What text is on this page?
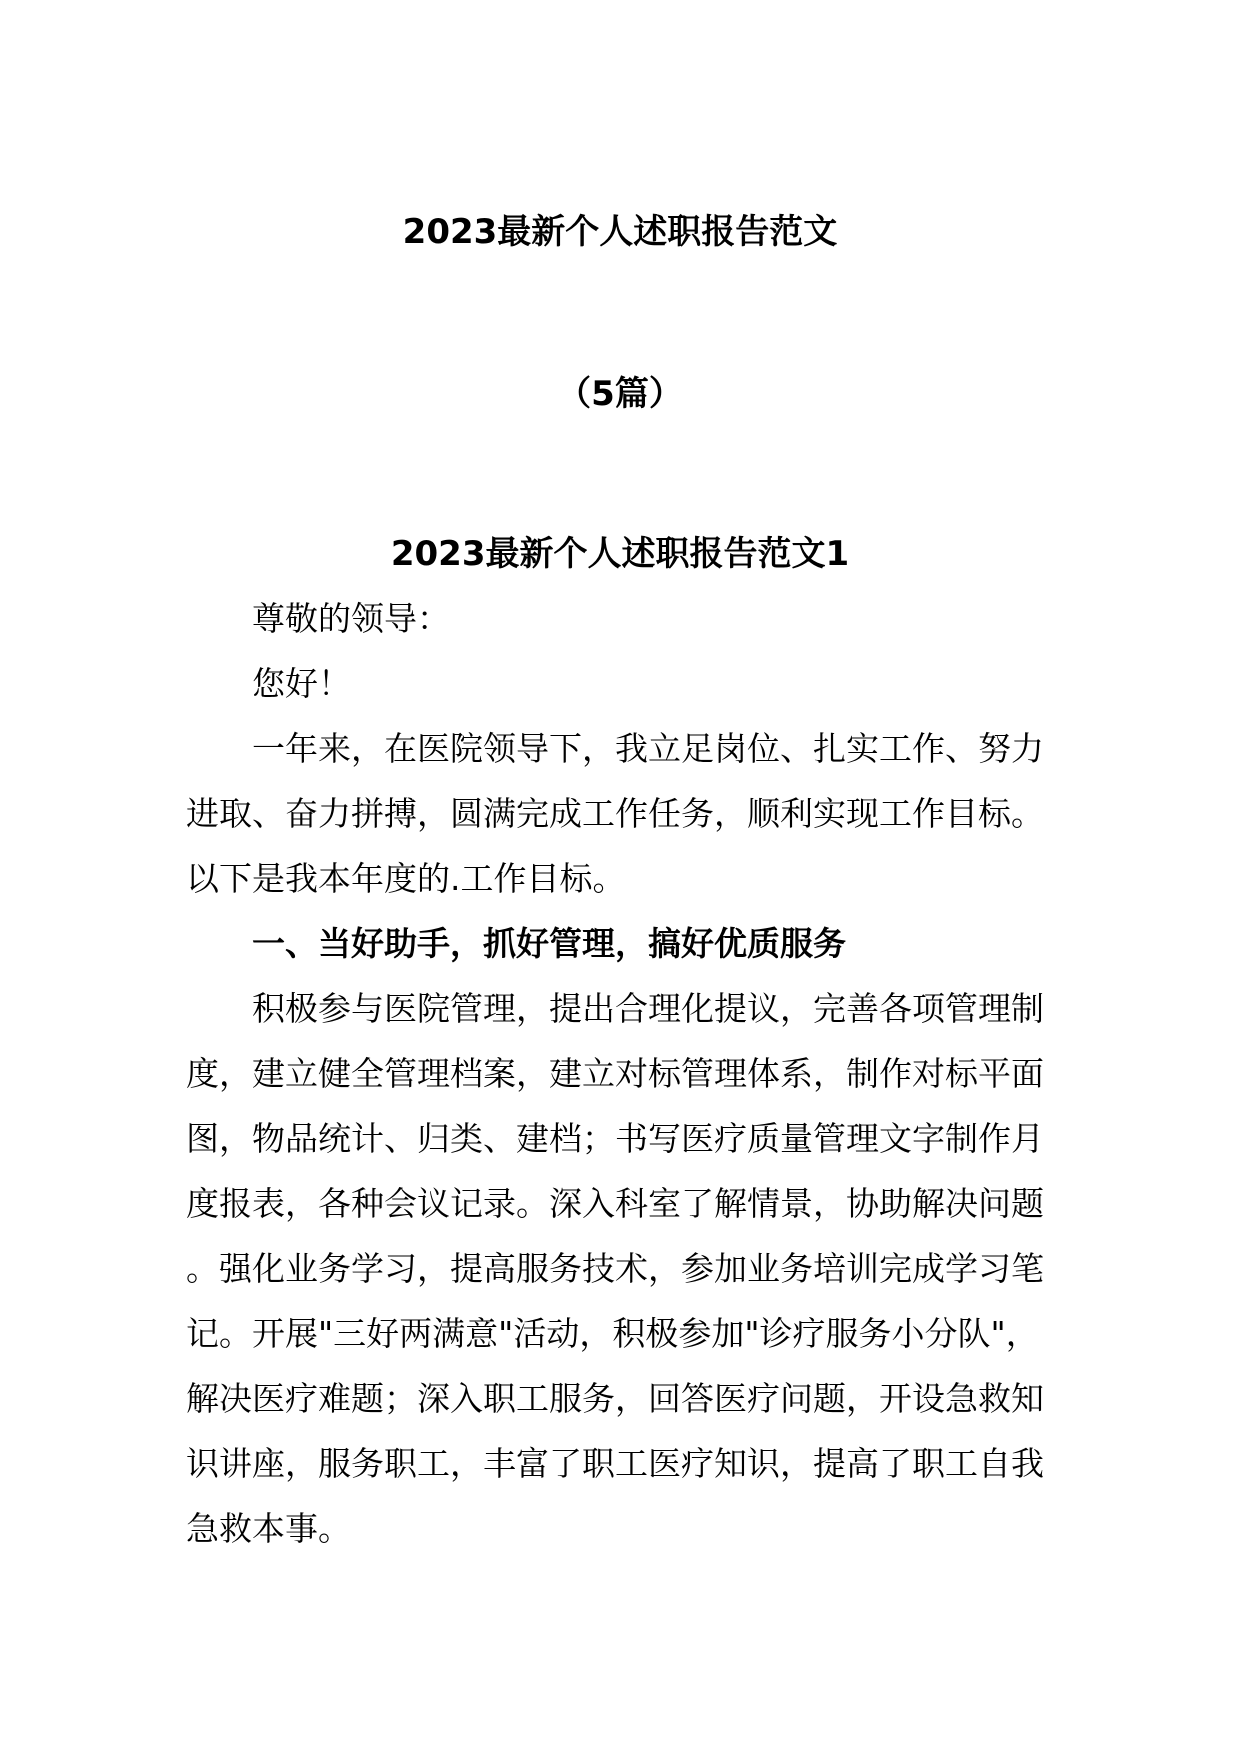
2023最新个人述职报告范文
（5篇）
2023最新个人述职报告范文1

尊敬的领导：

您好！

一年来，在医院领导下，我立足岗位、扎实工作、努力进取、奋力拼搏，圆满完成工作任务，顺利实现工作目标。以下是我本年度的.工作目标。

一、当好助手，抓好管理，搞好优质服务

积极参与医院管理，提出合理化提议，完善各项管理制度，建立健全管理档案，建立对标管理体系，制作对标平面图，物品统计、归类、建档；书写医疗质量管理文字制作月度报表，各种会议记录。深入科室了解情景，协助解决问题。强化业务学习，提高服务技术，参加业务培训完成学习笔记。开展"三好两满意"活动，积极参加"诊疗服务小分队"，解决医疗难题；深入职工服务，回答医疗问题，开设急救知识讲座，服务职工，丰富了职工医疗知识，提高了职工自我急救本事。
